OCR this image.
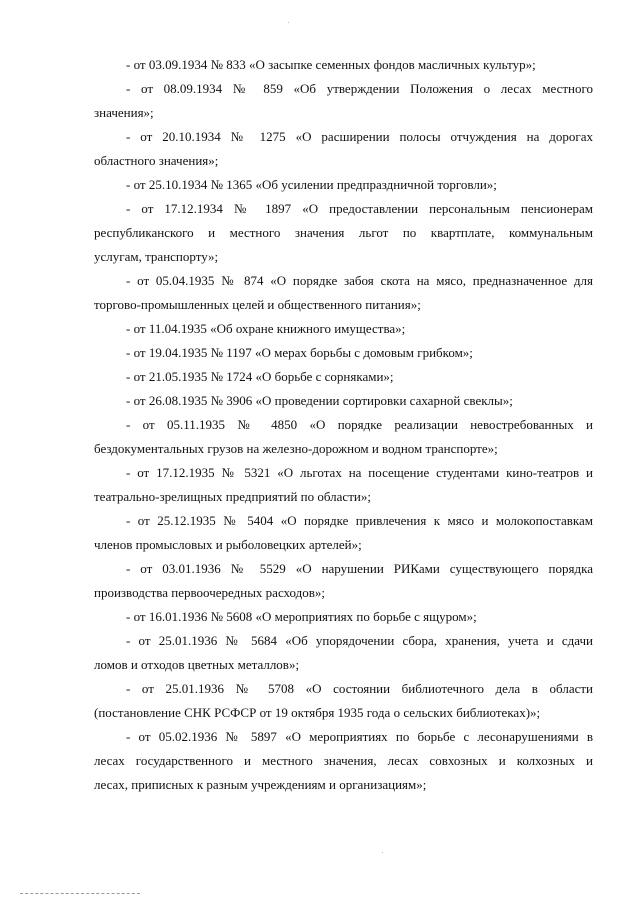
- от 03.09.1934 № 833 «О засыпке семенных фондов масличных культур»;
- от 08.09.1934 № 859 «Об утверждении Положения о лесах местного
значения»;
- от 20.10.1934 № 1275 «О расширении полосы отчуждения на дорогах
областного значения»;
- от 25.10.1934 № 1365 «Об усилении предпраздничной торговли»;
- от 17.12.1934 № 1897 «О предоставлении персональным пенсионерам
республиканского и местного значения льгот по квартплате, коммунальным
услугам, транспорту»;
- от 05.04.1935 № 874 «О порядке забоя скота на мясо, предназначенное для
торгово-промышленных целей и общественного питания»;
- от 11.04.1935 «Об охране книжного имущества»;
- от 19.04.1935 № 1197 «О мерах борьбы с домовым грибком»;
- от 21.05.1935 № 1724 «О борьбе с сорняками»;
- от 26.08.1935 № 3906 «О проведении сортировки сахарной свеклы»;
- от 05.11.1935 № 4850 «О порядке реализации невостребованных и
бездокументальных грузов на железно-дорожном и водном транспорте»;
- от 17.12.1935 № 5321 «О льготах на посещение студентами кино-театров и
театрально-зрелищных предприятий по области»;
- от 25.12.1935 № 5404 «О порядке привлечения к мясо и молокопоставкам
членов промысловых и рыболовецких артелей»;
- от 03.01.1936 № 5529 «О нарушении РИКами существующего порядка
производства первоочередных расходов»;
- от 16.01.1936 № 5608 «О мероприятиях по борьбе с ящуром»;
- от 25.01.1936 № 5684 «Об упорядочении сбора, хранения, учета и сдачи
ломов и отходов цветных металлов»;
- от 25.01.1936 № 5708 «О состоянии библиотечного дела в области
(постановление СНК РСФСР от 19 октября 1935 года о сельских библиотеках)»;
- от 05.02.1936 № 5897 «О мероприятиях по борьбе с лесонарушениями в
лесах государственного и местного значения, лесах совхозных и колхозных и
лесах, приписных к разным учреждениям и организациям»;
